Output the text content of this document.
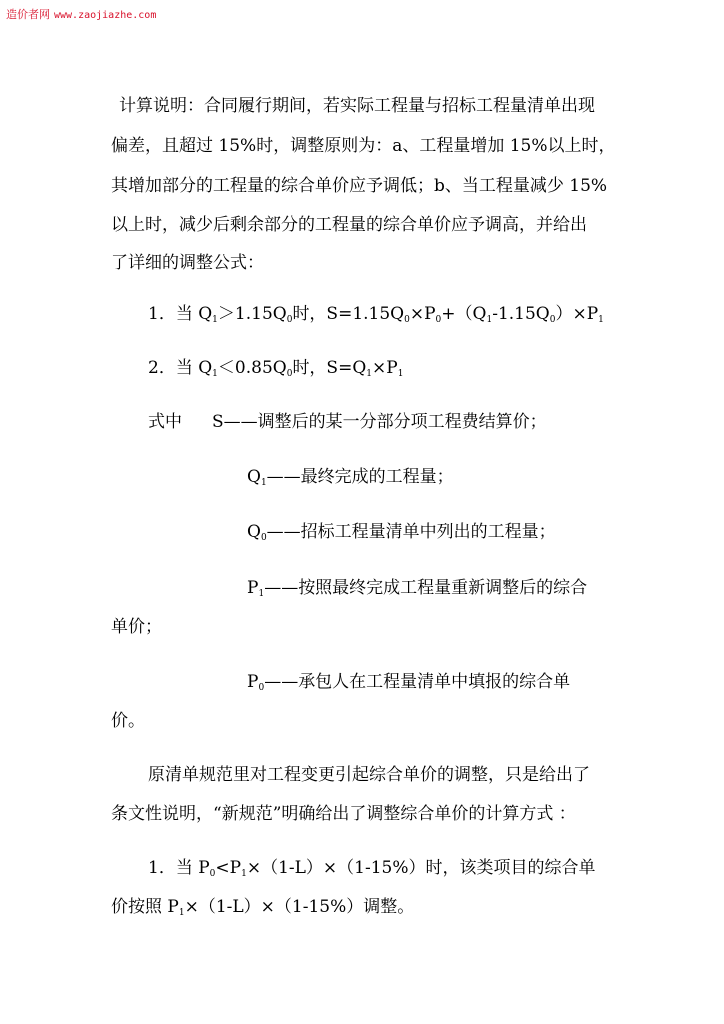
造价者网 www.zaojiazhe.com
计算说明：合同履行期间，若实际工程量与招标工程量清单出现
偏差，且超过 15%时，调整原则为：a、工程量增加 15%以上时，
其增加部分的工程量的综合单价应予调低；b、当工程量减少 15%
以上时，减少后剩余部分的工程量的综合单价应予调高，并给出
了详细的调整公式：
1．当 $Q_1>1.15Q_0$时，$S=1.15Q_0\times P_0+(Q_1-1.15Q_0)\times P_1$
2．当 $Q_1<0.85Q_0$时，$S=Q_1\times P_1$
式中 S——调整后的某一分部分项工程费结算价；
$Q_1——$最终完成的工程量；
$Q_0——$招标工程量清单中列出的工程量；
$P_1——$按照最终完成工程量重新调整后的综合
单价；
$P_0——$承包人在工程量清单中填报的综合单
价。
原清单规范里对工程变更引起综合单价的调整，只是给出了
条文性说明，“新规范”明确给出了调整综合单价的计算方式 ：
1．当 $P_0<P_1\times(1-L)\times(1-15\%)$时，该类项目的综合单
价按照 $P_1\times(1-L)\times(1-15\%)$调整。
